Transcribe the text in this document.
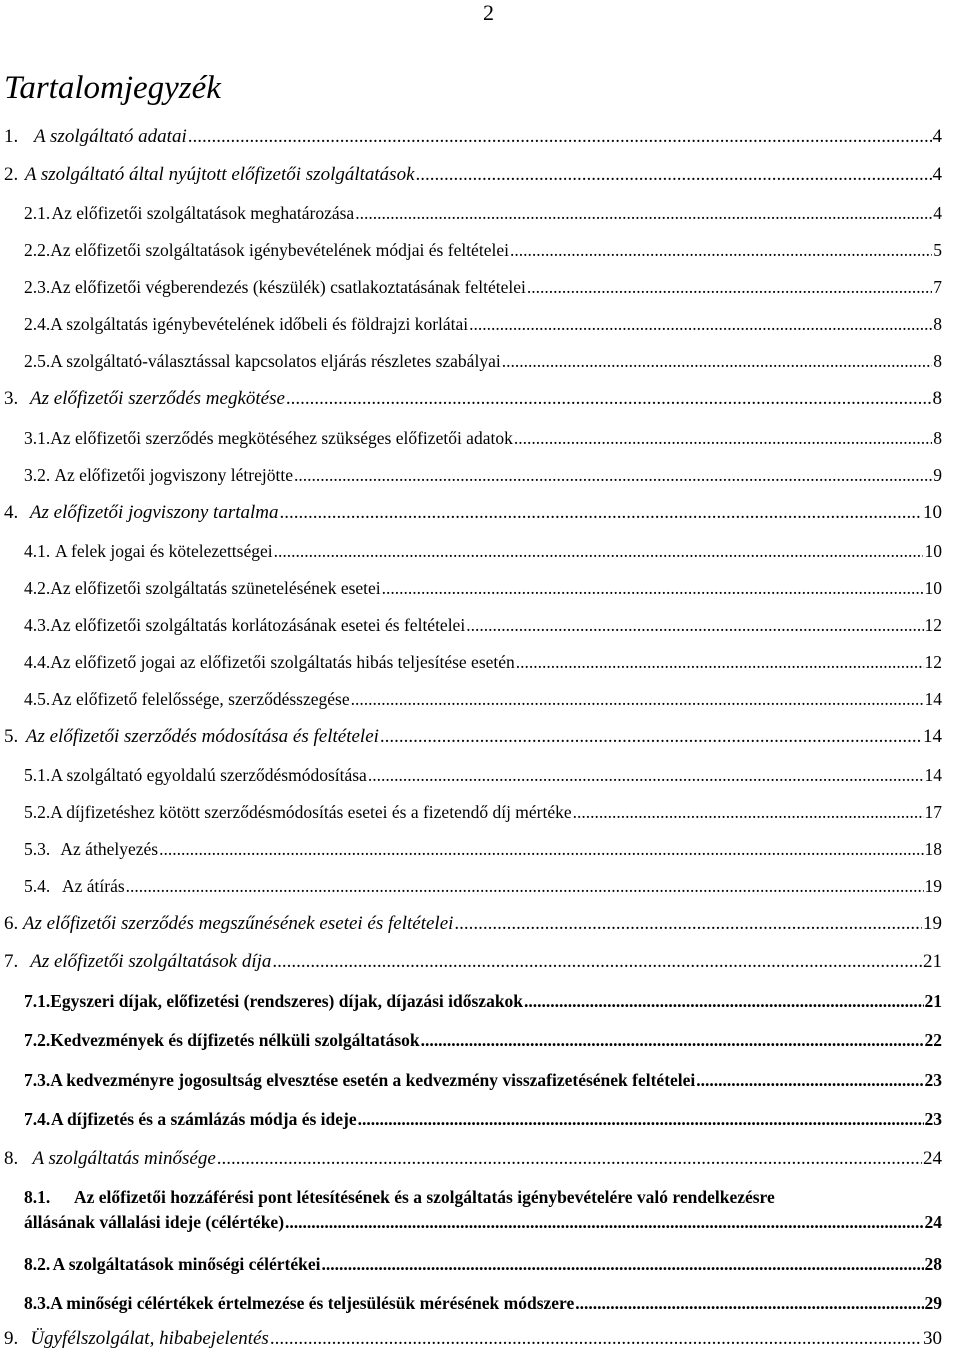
2
Tartalomjegyzék
1. A szolgáltató adatai .....	4
2. A szolgáltató által nyújtott előfizetői szolgáltatások .....	4
2.1. Az előfizetői szolgáltatások meghatározása .....	4
2.2. Az előfizetői szolgáltatások igénybevételének módjai és feltételei .....	5
2.3. Az előfizetői végberendezés (készülék) csatlakoztatásának feltételei .....	7
2.4. A szolgáltatás igénybevételének időbeli és földrajzi korlátai .....	8
2.5. A szolgáltató-választással kapcsolatos eljárás részletes szabályai .....	8
3. Az előfizetői szerződés megkötése .....	8
3.1. Az előfizetői szerződés megkötéséhez szükséges előfizetői adatok .....	8
3.2. Az előfizetői jogviszony létrejötte .....	9
4. Az előfizetői jogviszony tartalma .....	10
4.1. A felek jogai és kötelezettségei .....	10
4.2. Az előfizetői szolgáltatás szünetelésének esetei .....	10
4.3. Az előfizetői szolgáltatás korlátozásának esetei és feltételei .....	12
4.4. Az előfizető jogai az előfizetői szolgáltatás hibás teljesítése esetén .....	12
4.5. Az előfizető felelőssége, szerződésszegése .....	14
5. Az előfizetői szerződés módosítása és feltételei .....	14
5.1. A szolgáltató egyoldalú szerződésmódosítása .....	14
5.2. A díjfizetéshez kötött szerződésmódosítás esetei és a fizetendő díj mértéke .....	17
5.3. Az áthelyezés .....	18
5.4. Az átírás .....	19
6. Az előfizetői szerződés megszűnésének esetei és feltételei .....	19
7. Az előfizetői szolgáltatások díja .....	21
7.1. Egyszeri díjak, előfizetési (rendszeres) díjak, díjazási időszakok .....	21
7.2. Kedvezmények és díjfizetés nélküli szolgáltatások .....	22
7.3. A kedvezményre jogosultság elvesztése esetén a kedvezmény visszafizetésének feltételei .....	23
7.4. A díjfizetés és a számlázás módja és ideje .....	23
8. A szolgáltatás minősége .....	24
8.1.	Az előfizetői hozzáférési pont létesítésének és a szolgáltatás igénybevételére való rendelkezésre
állásának vállalási ideje (célértéke) .....	24
8.2. A szolgáltatások minőségi célértékei .....	28
8.3. A minőségi célértékek értelmezése és teljesülésük mérésének módszere .....	29
9. Ügyfélszolgálat, hibabejelentés .....	30
